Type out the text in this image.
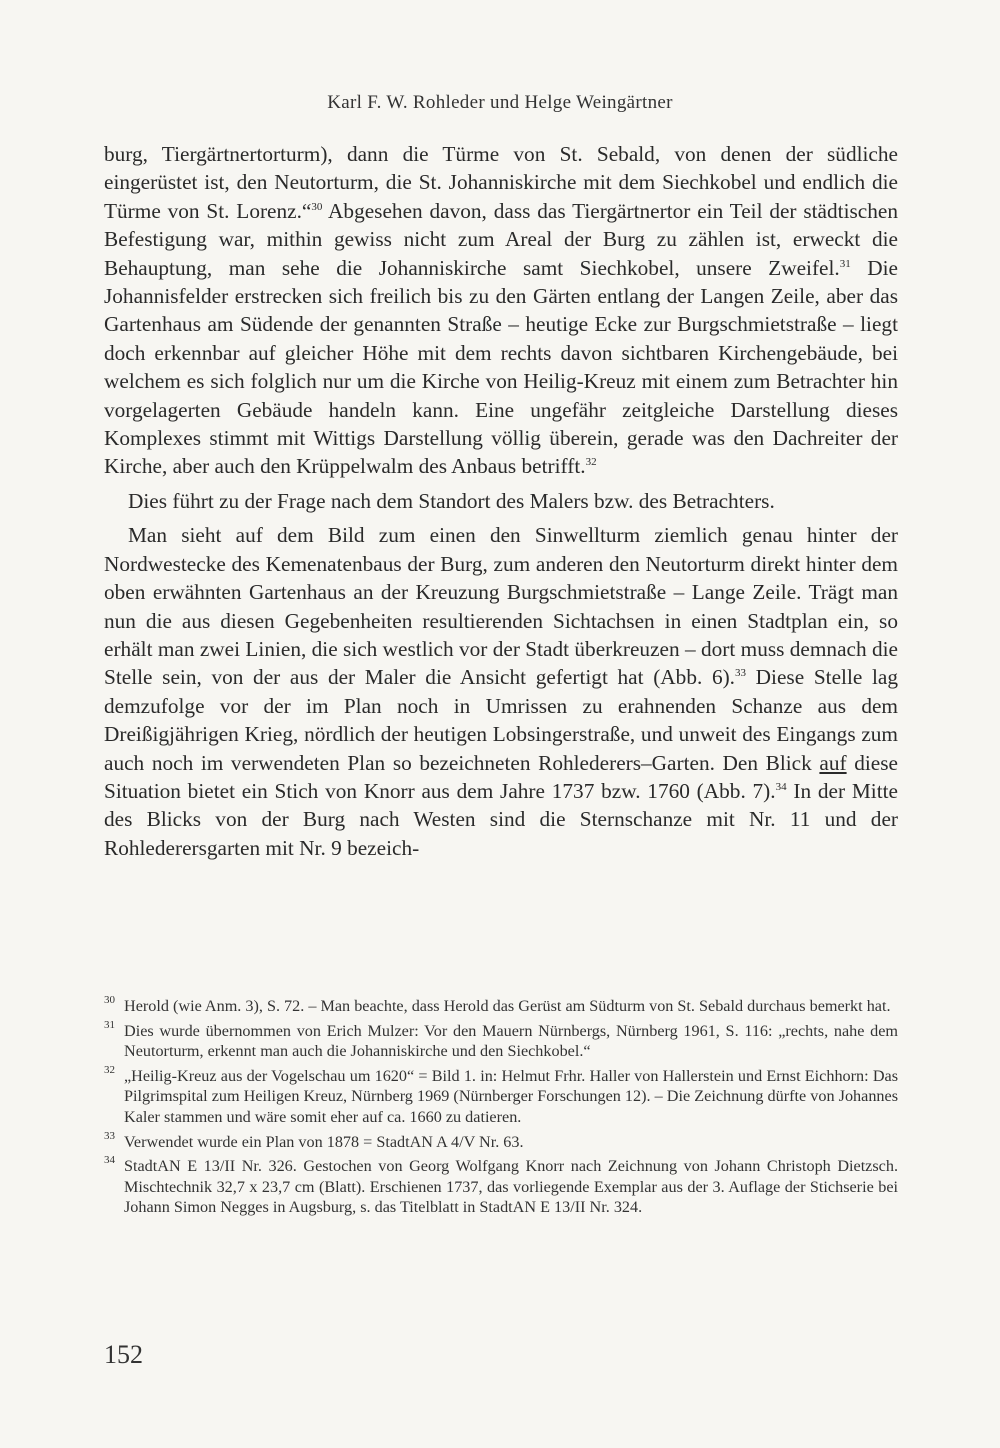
Karl F. W. Rohleder und Helge Weingärtner

burg, Tiergärtnertorturm), dann die Türme von St. Sebald, von denen der südliche eingerüstet ist, den Neutorturm, die St. Johanniskirche mit dem Siechkobel und endlich die Türme von St. Lorenz.“$^{30}$ Abgesehen davon, dass das Tiergärtnertor ein Teil der städtischen Befestigung war, mithin gewiss nicht zum Areal der Burg zu zählen ist, erweckt die Behauptung, man sehe die Johanniskirche samt Siechkobel, unsere Zweifel.$^{31}$ Die Johannisfelder erstrecken sich freilich bis zu den Gärten entlang der Langen Zeile, aber das Gartenhaus am Südende der genannten Straße – heutige Ecke zur Burgschmietstraße – liegt doch erkennbar auf gleicher Höhe mit dem rechts davon sichtbaren Kirchengebäude, bei welchem es sich folglich nur um die Kirche von Heilig-Kreuz mit einem zum Betrachter hin vorgelagerten Gebäude handeln kann. Eine ungefähr zeitgleiche Darstellung dieses Komplexes stimmt mit Wittigs Darstellung völlig überein, gerade was den Dachreiter der Kirche, aber auch den Krüppelwalm des Anbaus betrifft.$^{32}$

Dies führt zu der Frage nach dem Standort des Malers bzw. des Betrachters.

Man sieht auf dem Bild zum einen den Sinwellturm ziemlich genau hinter der Nordwestecke des Kemenatenbaus der Burg, zum anderen den Neutorturm direkt hinter dem oben erwähnten Gartenhaus an der Kreuzung Burgschmietstraße – Lange Zeile. Trägt man nun die aus diesen Gegebenheiten resultierenden Sichtachsen in einen Stadtplan ein, so erhält man zwei Linien, die sich westlich vor der Stadt überkreuzen – dort muss demnach die Stelle sein, von der aus der Maler die Ansicht gefertigt hat (Abb. 6).$^{33}$ Diese Stelle lag demzufolge vor der im Plan noch in Umrissen zu erahnenden Schanze aus dem Dreißigjährigen Krieg, nördlich der heutigen Lobsingerstraße, und unweit des Eingangs zum auch noch im verwendeten Plan so bezeichneten Rohlederers–Garten. Den Blick auf diese Situation bietet ein Stich von Knorr aus dem Jahre 1737 bzw. 1760 (Abb. 7).$^{34}$ In der Mitte des Blicks von der Burg nach Westen sind die Sternschanze mit Nr. 11 und der Rohlederersgarten mit Nr. 9 bezeich-

30 Herold (wie Anm. 3), S. 72. – Man beachte, dass Herold das Gerüst am Südturm von St. Sebald durchaus bemerkt hat.
31 Dies wurde übernommen von Erich Mulzer: Vor den Mauern Nürnbergs, Nürnberg 1961, S. 116: „rechts, nahe dem Neutorturm, erkennt man auch die Johanniskirche und den Siechkobel.“
32 „Heilig-Kreuz aus der Vogelschau um 1620“ = Bild 1. in: Helmut Frhr. Haller von Hallerstein und Ernst Eichhorn: Das Pilgrimspital zum Heiligen Kreuz, Nürnberg 1969 (Nürnberger Forschungen 12). – Die Zeichnung dürfte von Johannes Kaler stammen und wäre somit eher auf ca. 1660 zu datieren.
33 Verwendet wurde ein Plan von 1878 = StadtAN A 4/V Nr. 63.
34 StadtAN E 13/II Nr. 326. Gestochen von Georg Wolfgang Knorr nach Zeichnung von Johann Christoph Dietzsch. Mischtechnik 32,7 x 23,7 cm (Blatt). Erschienen 1737, das vorliegende Exemplar aus der 3. Auflage der Stichserie bei Johann Simon Negges in Augsburg, s. das Titelblatt in StadtAN E 13/II Nr. 324.
152
